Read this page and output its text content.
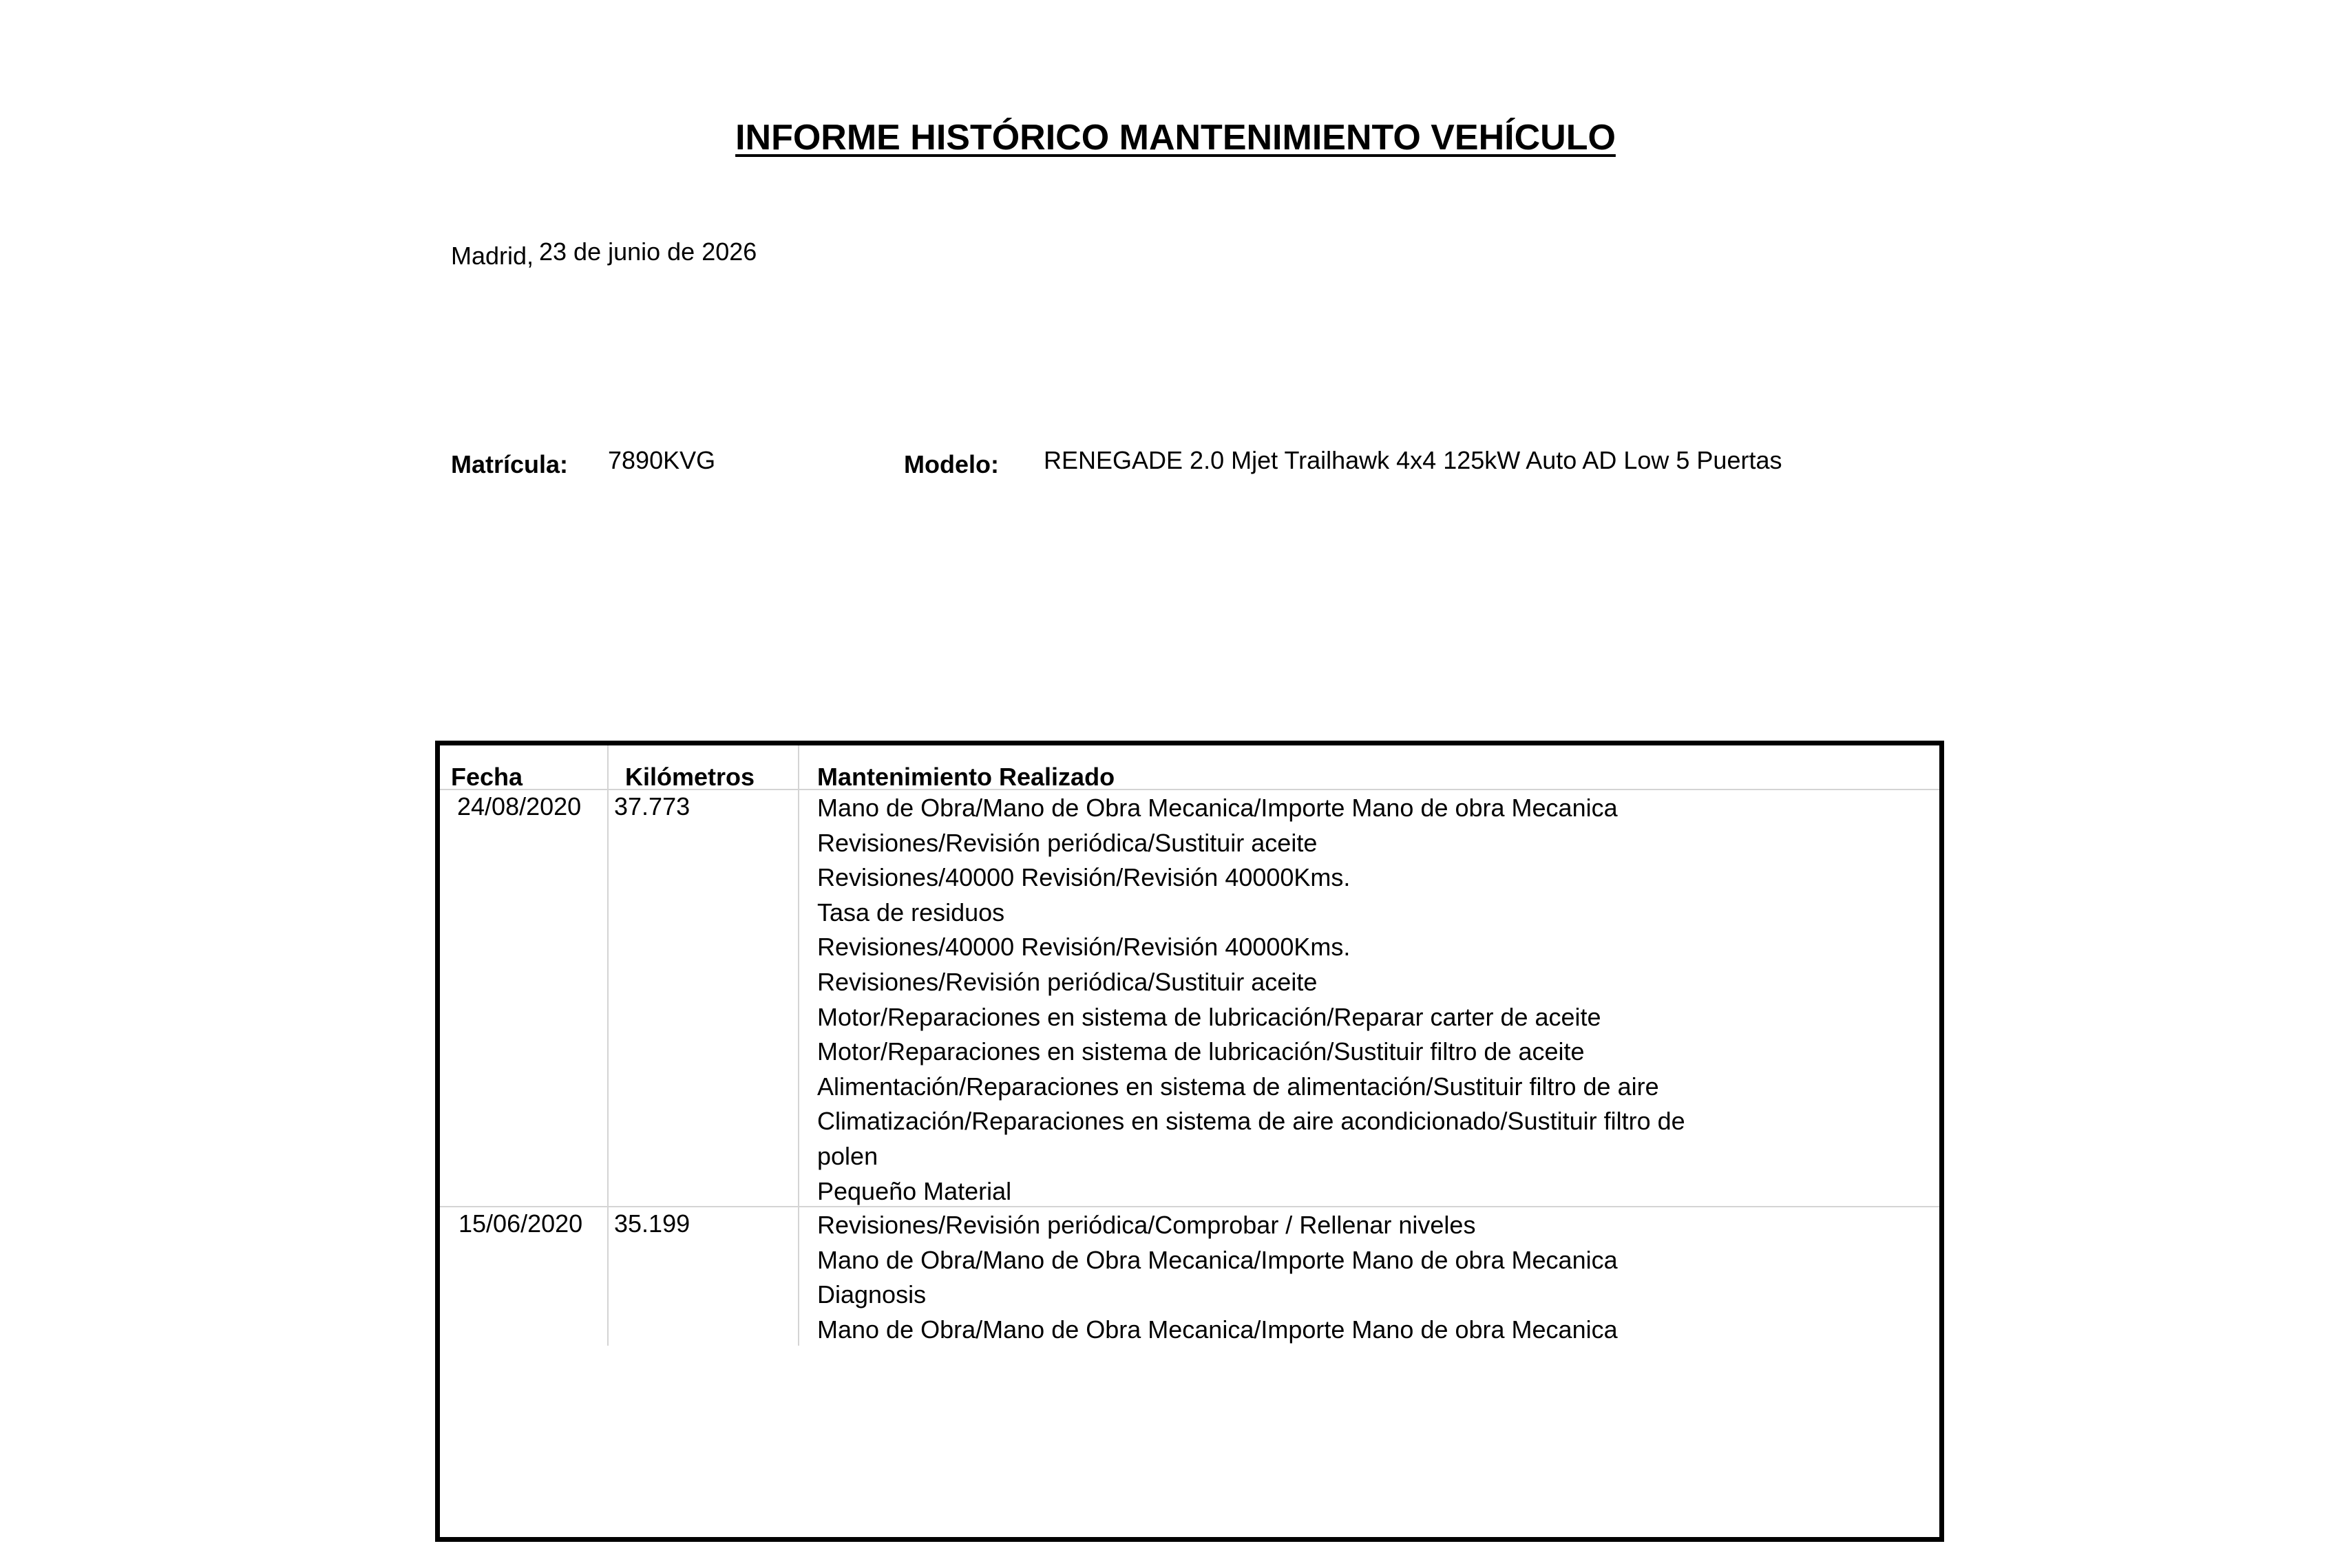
INFORME HISTÓRICO MANTENIMIENTO VEHÍCULO
Madrid, 23 de junio de 2026
Matrícula: 7890KVG	Modelo: RENEGADE 2.0 Mjet Trailhawk 4x4 125kW Auto AD Low 5 Puertas
Fecha	Kilómetros	Mantenimiento Realizado
24/08/2020 37.773	Mano de Obra/Mano de Obra Mecanica/Importe Mano de obra Mecanica
Revisiones/Revisión periódica/Sustituir aceite
Revisiones/40000 Revisión/Revisión 40000Kms.
Tasa de residuos
Revisiones/40000 Revisión/Revisión 40000Kms.
Revisiones/Revisión periódica/Sustituir aceite
Motor/Reparaciones en sistema de lubricación/Reparar carter de aceite
Motor/Reparaciones en sistema de lubricación/Sustituir filtro de aceite
Alimentación/Reparaciones en sistema de alimentación/Sustituir filtro de aire
Climatización/Reparaciones en sistema de aire acondicionado/Sustituir filtro de
polen
Pequeño Material
15/06/2020 35.199	Revisiones/Revisión periódica/Comprobar / Rellenar niveles
Mano de Obra/Mano de Obra Mecanica/Importe Mano de obra Mecanica
Diagnosis
Mano de Obra/Mano de Obra Mecanica/Importe Mano de obra Mecanica
